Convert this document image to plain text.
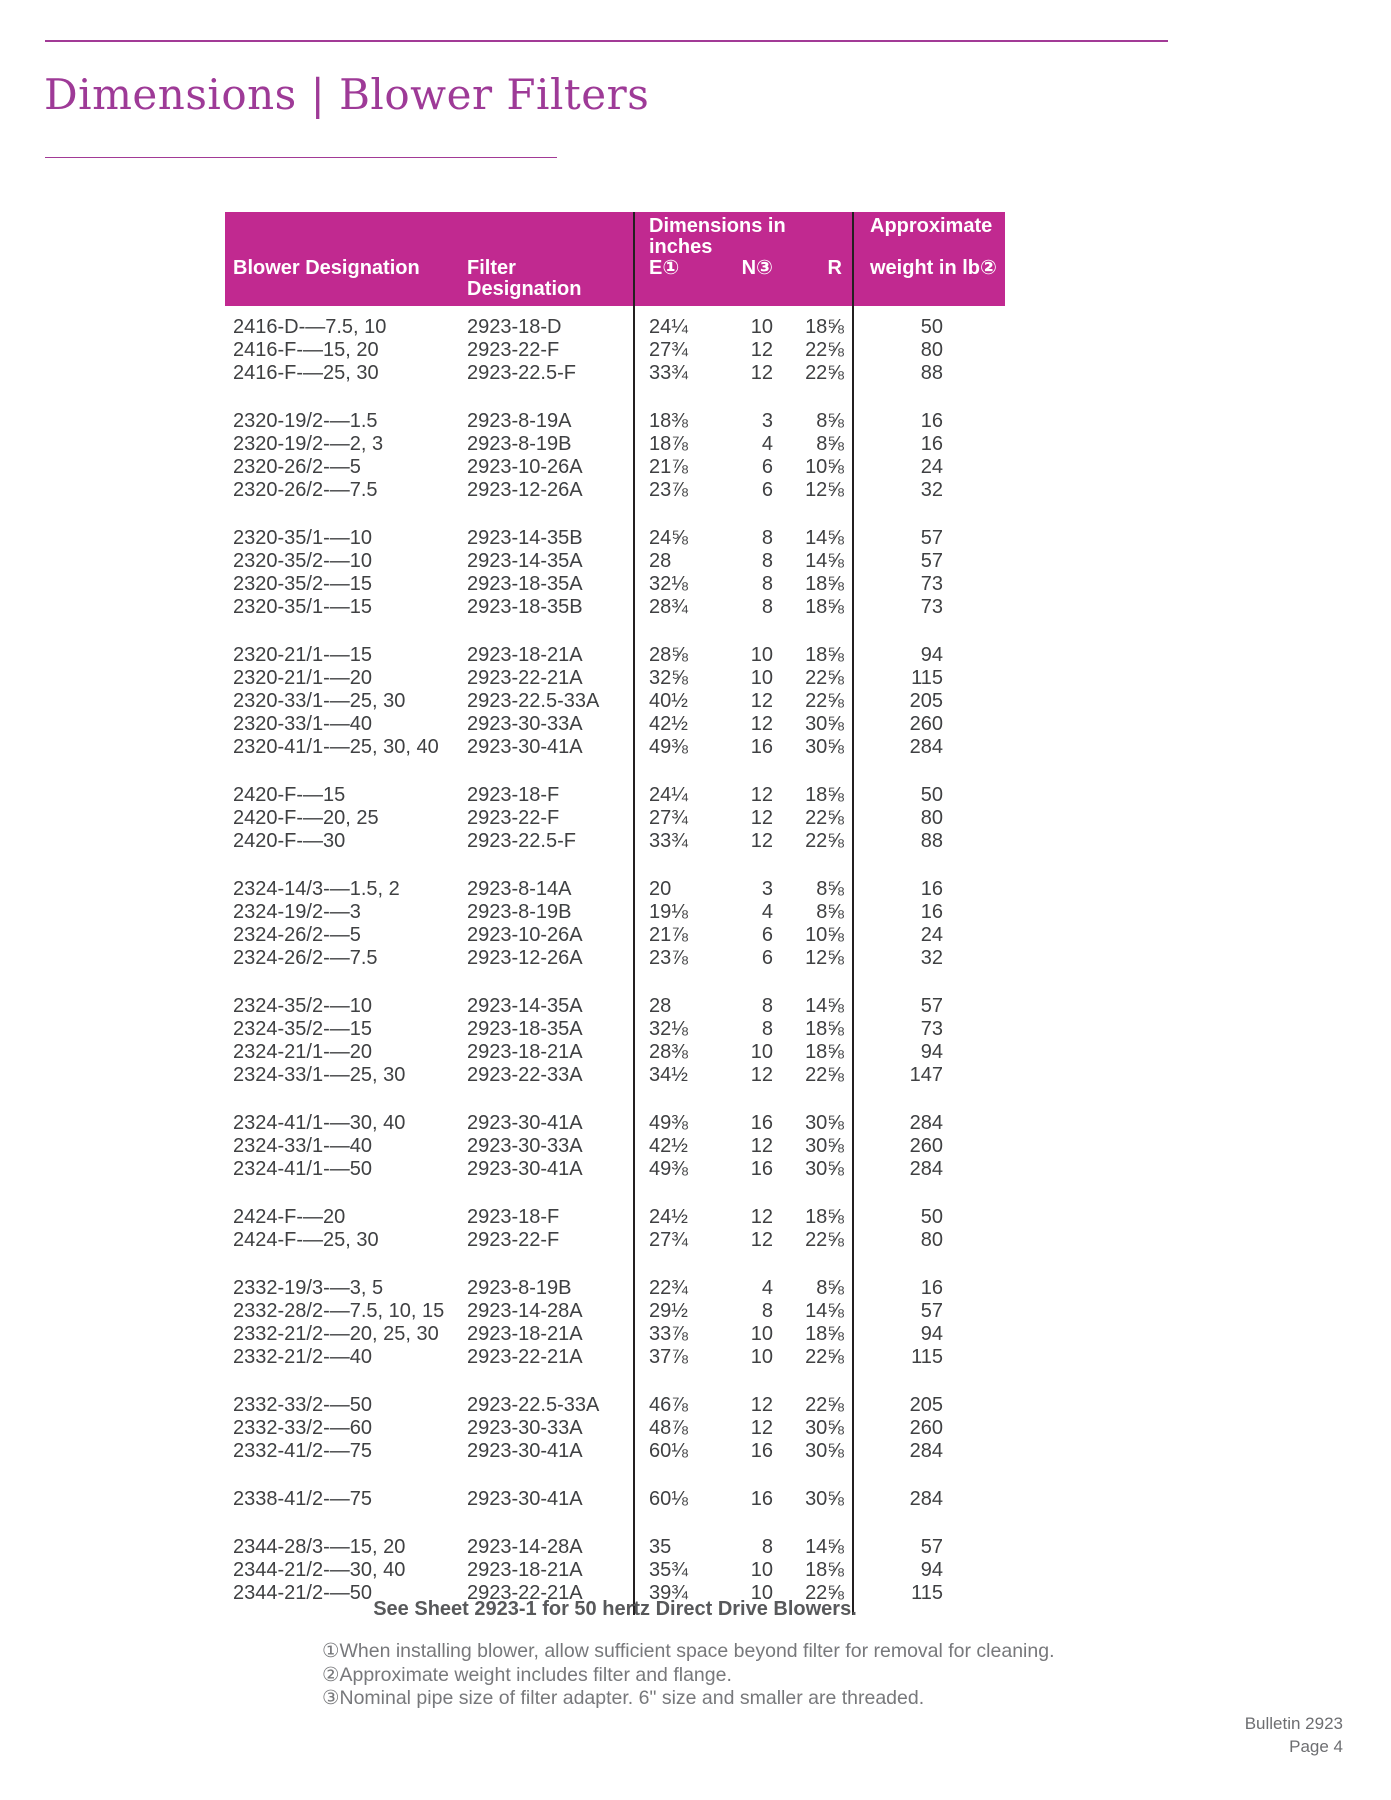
Dimensions | Blower Filters
Dimensions in inches
Approximate
Blower Designation	Filter Designation
E①	N③	R	weight in lb②
2416-D-—7.5, 10	2923-18-D	24¼	10	18⅝	50
2416-F-—15, 20	2923-22-F	27¾	12	22⅝	80
2416-F-—25, 30	2923-22.5-F	33¾	12	22⅝	88
2320-19/2-—1.5	2923-8-19A	18⅜	3	8⅝	16
2320-19/2-—2, 3	2923-8-19B	18⅞	4	8⅝	16
2320-26/2-—5	2923-10-26A	21⅞	6	10⅝	24
2320-26/2-—7.5	2923-12-26A	23⅞	6	12⅝	32
2320-35/1-—10	2923-14-35B	24⅝	8	14⅝	57
2320-35/2-—10	2923-14-35A	28	8	14⅝	57
2320-35/2-—15	2923-18-35A	32⅛	8	18⅝	73
2320-35/1-—15	2923-18-35B	28¾	8	18⅝	73
2320-21/1-—15	2923-18-21A	28⅝	10	18⅝	94
2320-21/1-—20	2923-22-21A	32⅝	10	22⅝	115
2320-33/1-—25, 30	2923-22.5-33A	40½	12	22⅝	205
2320-33/1-—40	2923-30-33A	42½	12	30⅝	260
2320-41/1-—25, 30, 40	2923-30-41A	49⅜	16	30⅝	284
2420-F-—15	2923-18-F	24¼	12	18⅝	50
2420-F-—20, 25	2923-22-F	27¾	12	22⅝	80
2420-F-—30	2923-22.5-F	33¾	12	22⅝	88
2324-14/3-—1.5, 2	2923-8-14A	20	3	8⅝	16
2324-19/2-—3	2923-8-19B	19⅛	4	8⅝	16
2324-26/2-—5	2923-10-26A	21⅞	6	10⅝	24
2324-26/2-—7.5	2923-12-26A	23⅞	6	12⅝	32
2324-35/2-—10	2923-14-35A	28	8	14⅝	57
2324-35/2-—15	2923-18-35A	32⅛	8	18⅝	73
2324-21/1-—20	2923-18-21A	28⅜	10	18⅝	94
2324-33/1-—25, 30	2923-22-33A	34½	12	22⅝	147
2324-41/1-—30, 40	2923-30-41A	49⅜	16	30⅝	284
2324-33/1-—40	2923-30-33A	42½	12	30⅝	260
2324-41/1-—50	2923-30-41A	49⅜	16	30⅝	284
2424-F-—20	2923-18-F	24½	12	18⅝	50
2424-F-—25, 30	2923-22-F	27¾	12	22⅝	80
2332-19/3-—3, 5	2923-8-19B	22¾	4	8⅝	16
2332-28/2-—7.5, 10, 15	2923-14-28A	29½	8	14⅝	57
2332-21/2-—20, 25, 30	2923-18-21A	33⅞	10	18⅝	94
2332-21/2-—40	2923-22-21A	37⅞	10	22⅝	115
2332-33/2-—50	2923-22.5-33A	46⅞	12	22⅝	205
2332-33/2-—60	2923-30-33A	48⅞	12	30⅝	260
2332-41/2-—75	2923-30-41A	60⅛	16	30⅝	284
2338-41/2-—75	2923-30-41A	60⅛	16	30⅝	284
2344-28/3-—15, 20	2923-14-28A	35	8	14⅝	57
2344-21/2-—30, 40	2923-18-21A	35¾	10	18⅝	94
2344-21/2-—50	2923-22-21A	39¾	10	22⅝	115
See Sheet 2923-1 for 50 hertz Direct Drive Blowers.
①When installing blower, allow sufficient space beyond filter for removal for cleaning.
②Approximate weight includes filter and flange.
③Nominal pipe size of filter adapter. 6" size and smaller are threaded.
Bulletin 2923
Page 4
